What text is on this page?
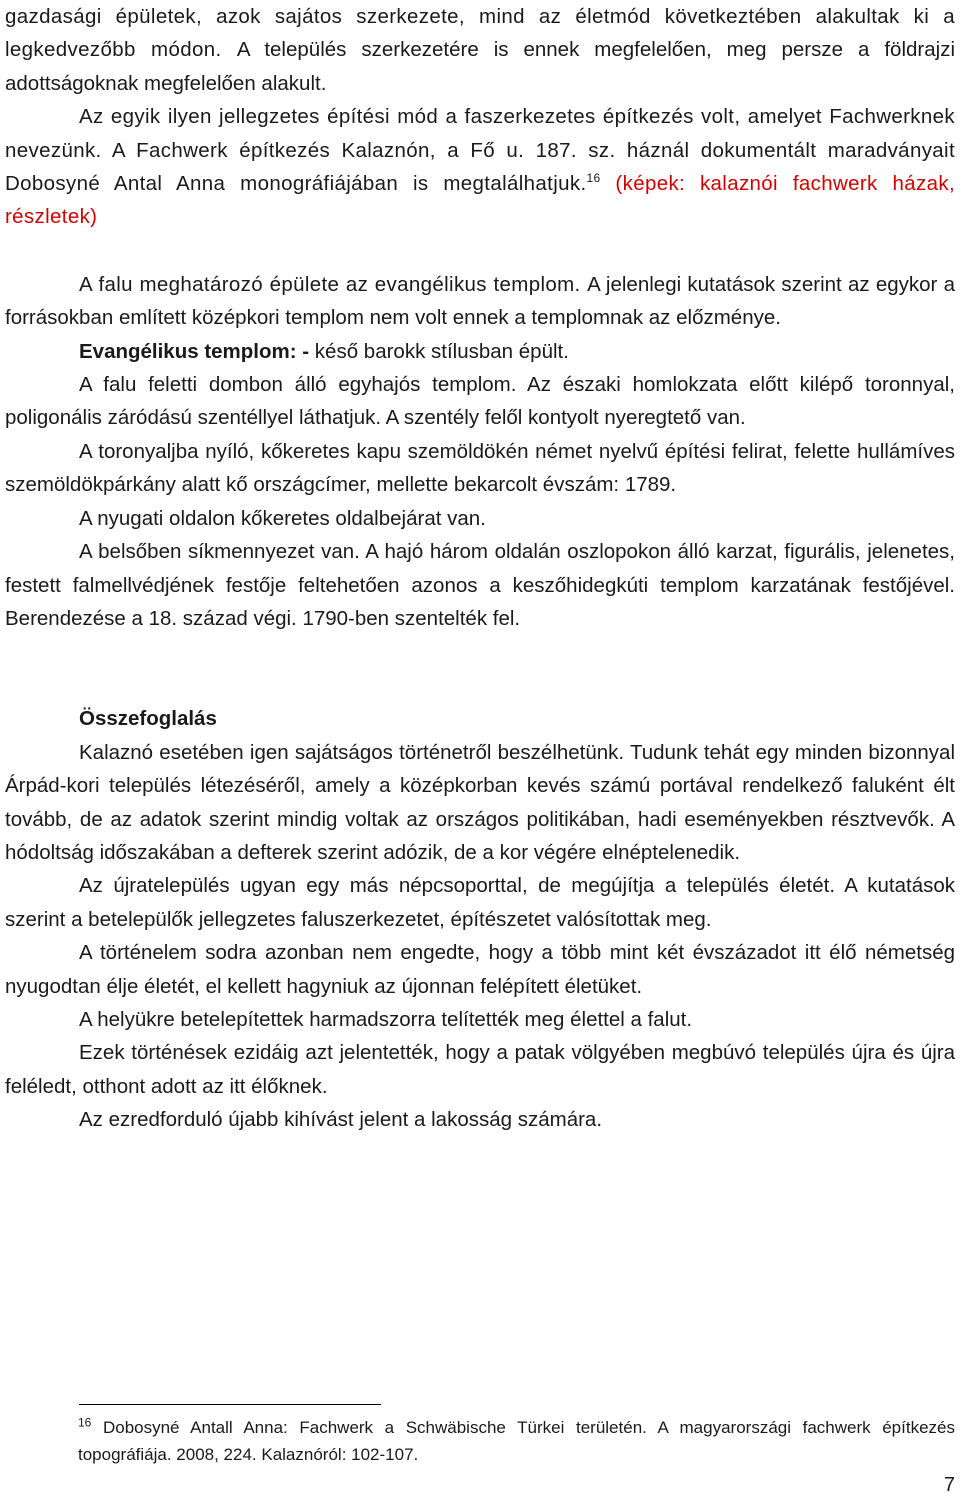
gazdasági épületek, azok sajátos szerkezete, mind az életmód következtében alakultak ki a legkedvezőbb módon. A település szerkezetére is ennek megfelelően, meg persze a földrajzi adottságoknak megfelelően alakult.

Az egyik ilyen jellegzetes építési mód a faszerkezetes építkezés volt, amelyet Fachwerknek nevezünk. A Fachwerk építkezés Kalaznón, a Fő u. 187. sz. háznál dokumentált maradványait Dobosyné Antal Anna monográfiájában is megtalálhatjuk.$^{16}$ (képek: kalaznói fachwerk házak, részletek)

A falu meghatározó épülete az evangélikus templom. A jelenlegi kutatások szerint az egykor a forrásokban említett középkori templom nem volt ennek a templomnak az előzménye.

Evangélikus templom: - késő barokk stílusban épült.

A falu feletti dombon álló egyhajós templom. Az északi homlokzata előtt kilépő toronnyal, poligonális záródású szentéllyel láthatjuk. A szentély felől kontyolt nyeregtető van.

A toronyaljba nyíló, kőkeretes kapu szemöldökén német nyelvű építési felirat, felette hullámíves szemöldökpárkány alatt kő országcímer, mellette bekarcolt évszám: 1789.

A nyugati oldalon kőkeretes oldalbejárat van.

A belsőben síkmennyezet van. A hajó három oldalán oszlopokon álló karzat, figurális, jelenetes, festett falmellvédjének festője feltehetően azonos a keszőhidegkúti templom karzatának festőjével. Berendezése a 18. század végi. 1790-ben szentelték fel.

Összefoglalás

Kalaznó esetében igen sajátságos történetről beszélhetünk. Tudunk tehát egy minden bizonnyal Árpád-kori település létezéséről, amely a középkorban kevés számú portával rendelkező faluként élt tovább, de az adatok szerint mindig voltak az országos politikában, hadi eseményekben résztvevők. A hódoltság időszakában a defterek szerint adózik, de a kor végére elnéptelenedik.

Az újratelepülés ugyan egy más népcsoporttal, de megújítja a település életét. A kutatások szerint a betelepülők jellegzetes faluszerkezetet, építészetet valósítottak meg.

A történelem sodra azonban nem engedte, hogy a több mint két évszázadot itt élő németség nyugodtan élje életét, el kellett hagyniuk az újonnan felépített életüket.

A helyükre betelepítettek harmadszorra telítették meg élettel a falut.

Ezek történések ezidáig azt jelentették, hogy a patak völgyében megbúvó település újra és újra feléledt, otthont adott az itt élőknek.

Az ezredforduló újabb kihívást jelent a lakosság számára.

$^{16}$ Dobosyné Antall Anna: Fachwerk a Schwäbische Türkei területén. A magyarországi fachwerk építkezés topográfiája. 2008, 224. Kalaznóról: 102-107.
7
